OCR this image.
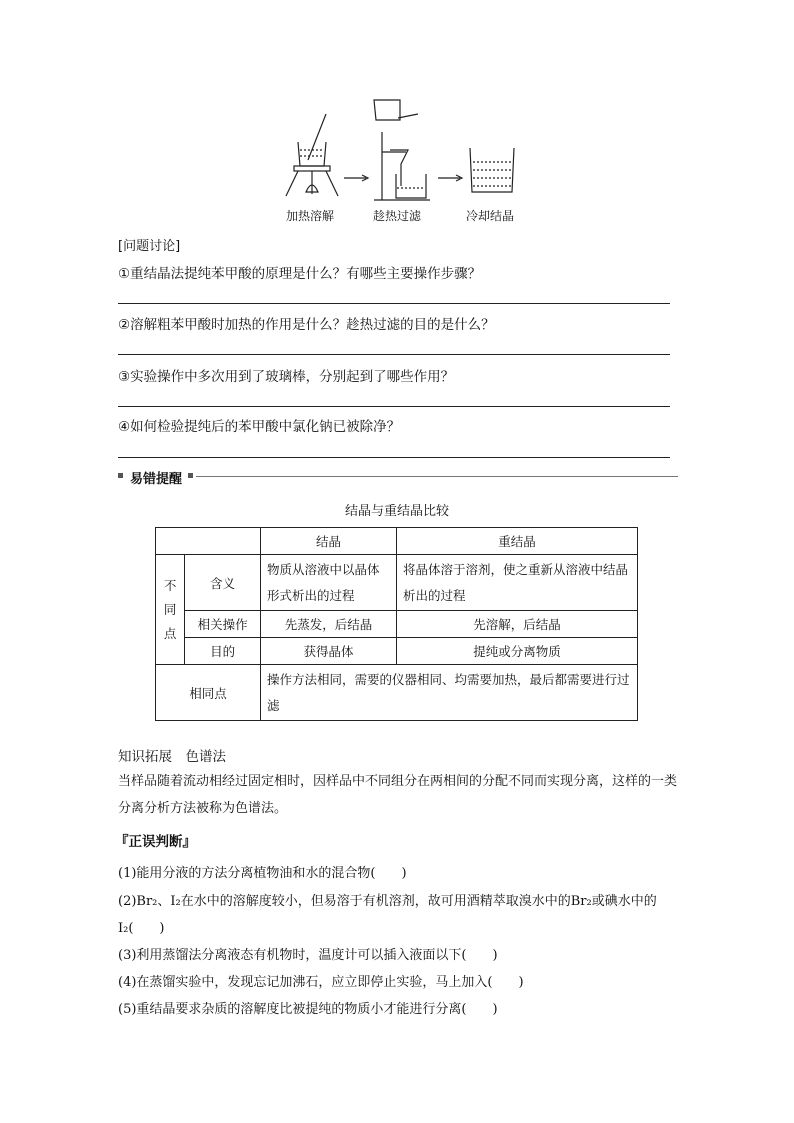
加热溶解	趁热过滤	冷却结晶
[问题讨论]
①重结晶法提纯苯甲酸的原理是什么？有哪些主要操作步骤？
②溶解粗苯甲酸时加热的作用是什么？趁热过滤的目的是什么？
③实验操作中多次用到了玻璃棒，分别起到了哪些作用？
④如何检验提纯后的苯甲酸中氯化钠已被除净？
易错提醒
结晶与重结晶比较
		结晶	重结晶
不同点	含义	物质从溶液中以晶体形式析出的过程	将晶体溶于溶剂，使之重新从溶液中结晶析出的过程
	相关操作	先蒸发，后结晶	先溶解，后结晶
	目的	获得晶体	提纯或分离物质
相同点		操作方法相同，需要的仪器相同、均需要加热，最后都需要进行过滤	
知识拓展　色谱法
当样品随着流动相经过固定相时，因样品中不同组分在两相间的分配不同而实现分离，这样的一类分离分析方法被称为色谱法。
『正误判断』
(1)能用分液的方法分离植物油和水的混合物(　　)
(2)Br₂、I₂在水中的溶解度较小，但易溶于有机溶剂，故可用酒精萃取溴水中的Br₂或碘水中的I₂(　　)
(3)利用蒸馏法分离液态有机物时，温度计可以插入液面以下(　　)
(4)在蒸馏实验中，发现忘记加沸石，应立即停止实验，马上加入(　　)
(5)重结晶要求杂质的溶解度比被提纯的物质小才能进行分离(　　)
